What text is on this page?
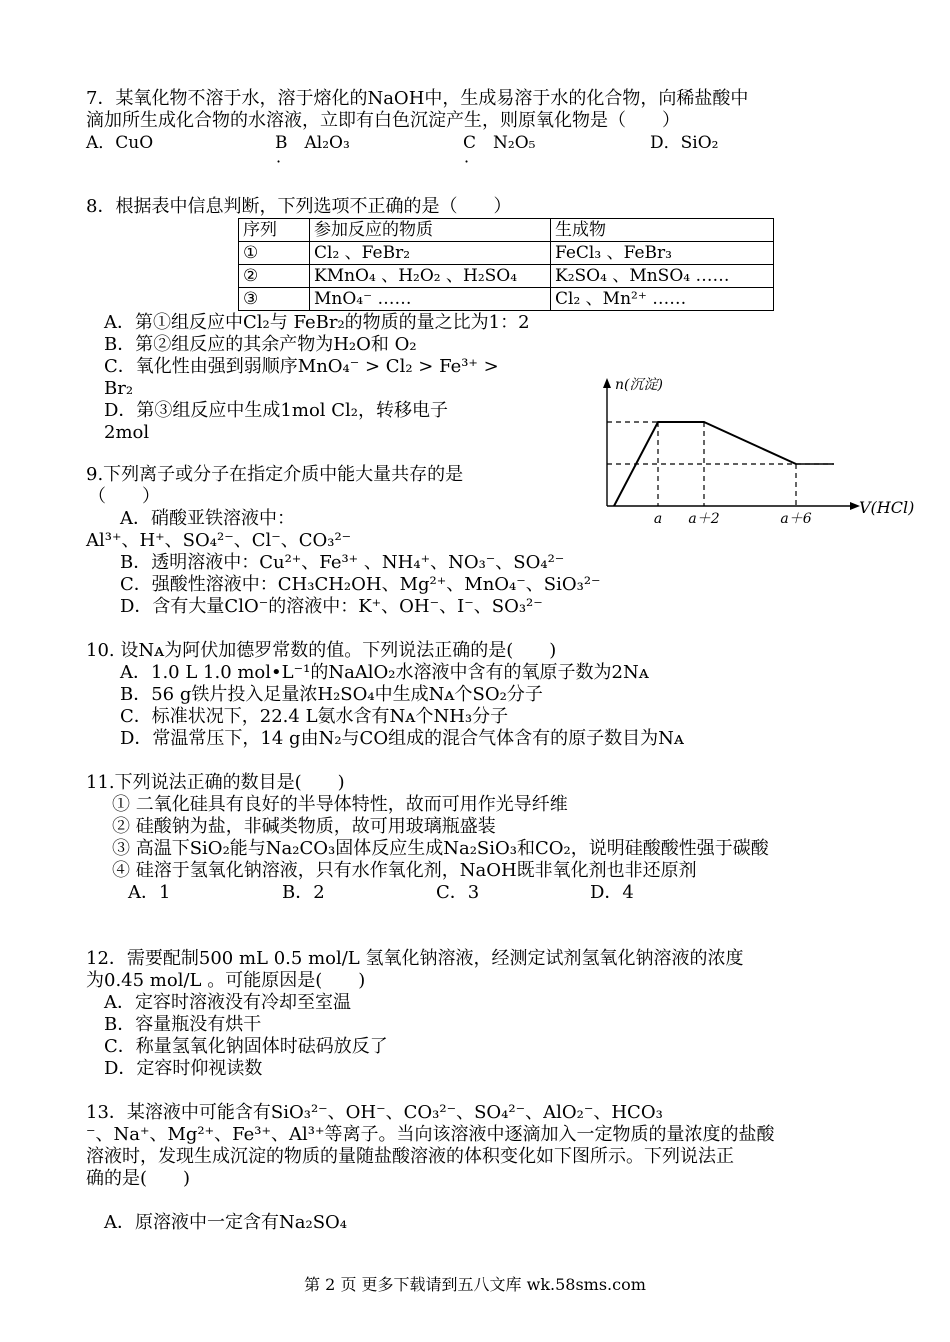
7．某氧化物不溶于水，溶于熔化的NaOH中，生成易溶于水的化合物，向稀盐酸中
滴加所生成化合物的水溶液，立即有白色沉淀产生，则原氧化物是（　　）
A．CuO	B　Al₂O₃	C　N₂O₅	D．SiO₂
·	·
8．根据表中信息判断，下列选项不正确的是（　　）
序列	参加反应的物质	生成物
①	Cl₂ 、FeBr₂	FeCl₃ 、FeBr₃
②	KMnO₄ 、H₂O₂ 、H₂SO₄	K₂SO₄ 、MnSO₄ ……
③	MnO₄⁻ ……	Cl₂ 、Mn²⁺ ……
A．第①组反应中Cl₂与 FeBr₂的物质的量之比为1：2
B．第②组反应的其余产物为H₂O和 O₂
C．氧化性由强到弱顺序MnO₄⁻ > Cl₂ > Fe³⁺ >
Br₂
D．第③组反应中生成1mol Cl₂，转移电子
2mol
n(沉淀)
V(HCl)
a a＋2	a＋6
9.下列离子或分子在指定介质中能大量共存的是
（　　）
A．硝酸亚铁溶液中：
Al³⁺、H⁺、SO₄²⁻、Cl⁻、CO₃²⁻
B．透明溶液中：Cu²⁺、Fe³⁺ 、NH₄⁺、NO₃⁻、SO₄²⁻
C．强酸性溶液中：CH₃CH₂OH、Mg²⁺、MnO₄⁻、SiO₃²⁻
D．含有大量ClO⁻的溶液中：K⁺、OH⁻、I⁻、SO₃²⁻
10. 设Nᴀ为阿伏加德罗常数的值。下列说法正确的是(　　)
A．1.0 L 1.0 mol•L⁻¹的NaAlO₂水溶液中含有的氧原子数为2Nᴀ
B．56 g铁片投入足量浓H₂SO₄中生成Nᴀ个SO₂分子
C．标准状况下，22.4 L氨水含有Nᴀ个NH₃分子
D．常温常压下，14 g由N₂与CO组成的混合气体含有的原子数目为Nᴀ
11.下列说法正确的数目是(　　)
① 二氧化硅具有良好的半导体特性，故而可用作光导纤维
② 硅酸钠为盐，非碱类物质，故可用玻璃瓶盛装
③ 高温下SiO₂能与Na₂CO₃固体反应生成Na₂SiO₃和CO₂，说明硅酸酸性强于碳酸
④ 硅溶于氢氧化钠溶液，只有水作氧化剂，NaOH既非氧化剂也非还原剂
A．1	B．2	C．3	D．4
12．需要配制500 mL 0.5 mol/L 氢氧化钠溶液，经测定试剂氢氧化钠溶液的浓度
为0.45 mol/L 。可能原因是(　　)
A．定容时溶液没有冷却至室温
B．容量瓶没有烘干
C．称量氢氧化钠固体时砝码放反了
D．定容时仰视读数
13．某溶液中可能含有SiO₃²⁻、OH⁻、CO₃²⁻、SO₄²⁻、AlO₂⁻、HCO₃
⁻、Na⁺、Mg²⁺、Fe³⁺、Al³⁺等离子。当向该溶液中逐滴加入一定物质的量浓度的盐酸
溶液时，发现生成沉淀的物质的量随盐酸溶液的体积变化如下图所示。下列说法正
确的是(　　)
A．原溶液中一定含有Na₂SO₄
第 2 页 更多下载请到五八文库 wk.58sms.com
